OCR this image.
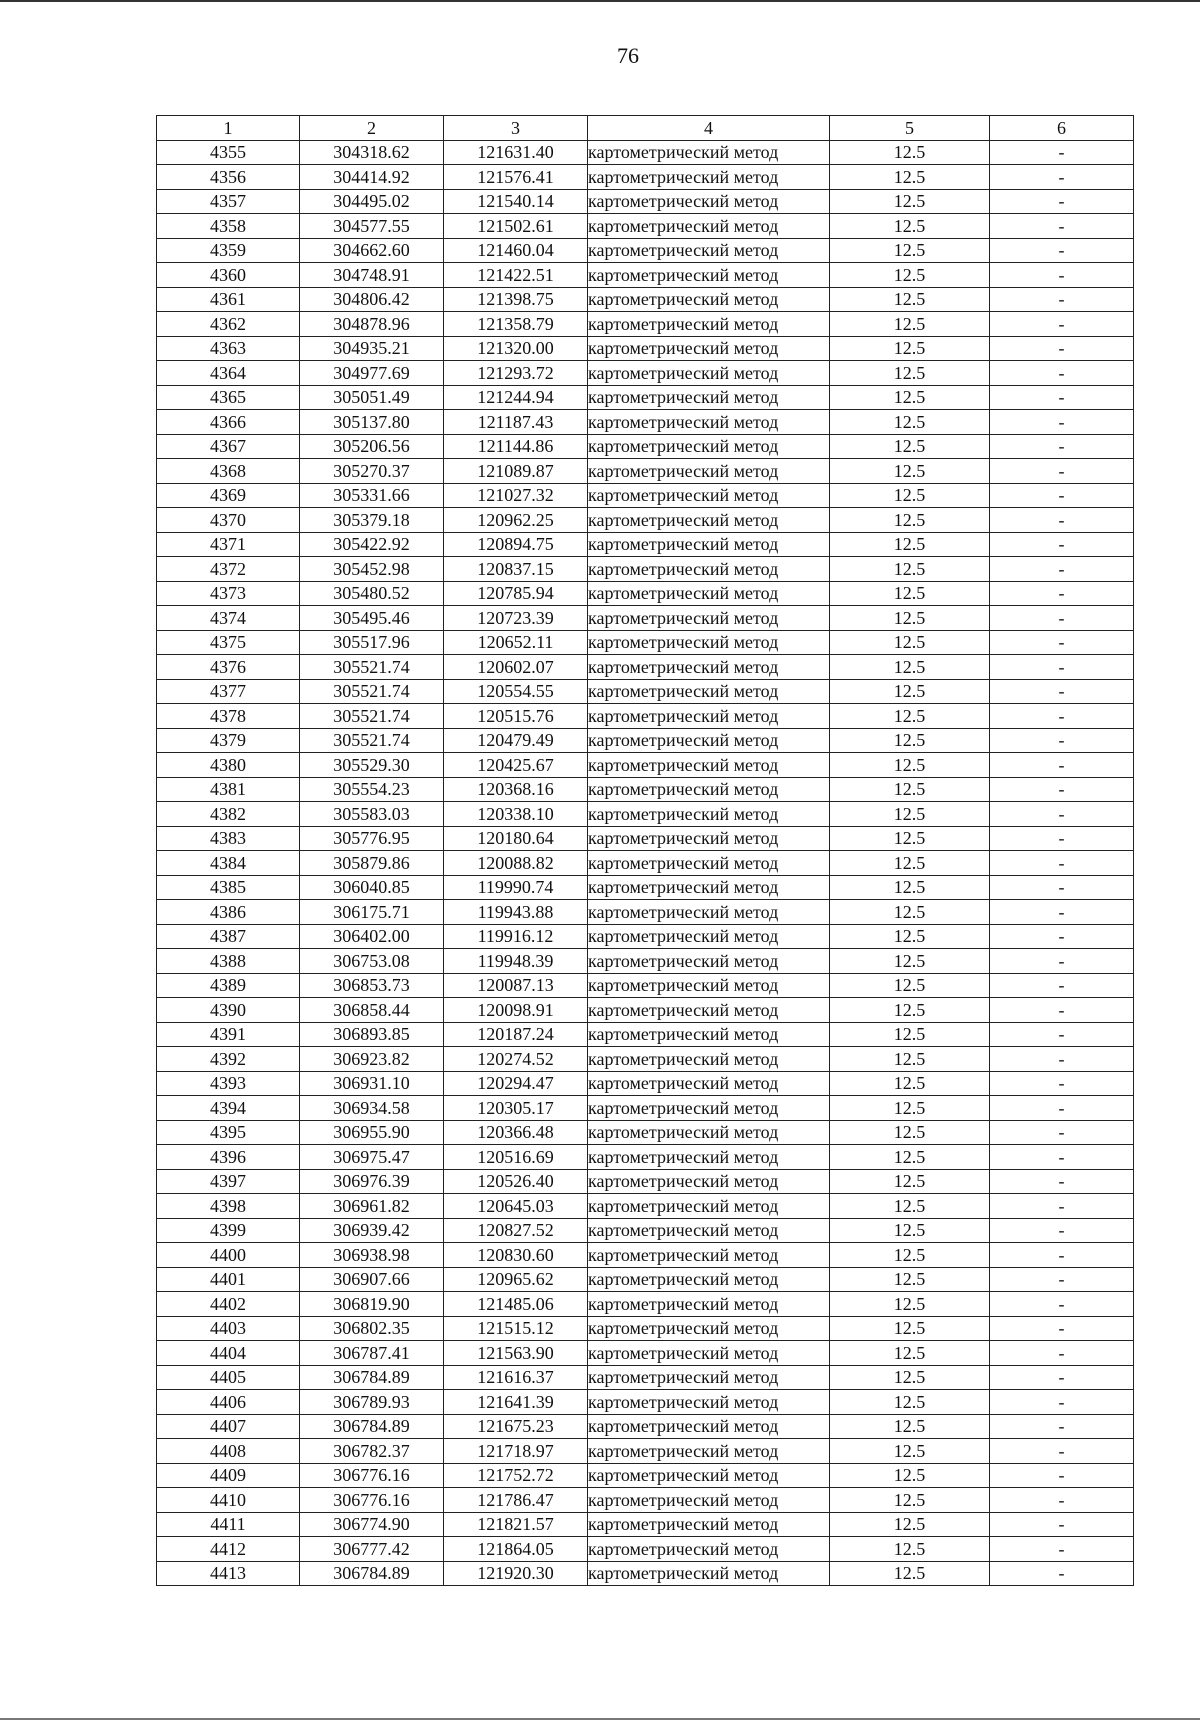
76
1	2	3	4	5	6
4355	304318.62	121631.40	картометрический метод	12.5	-
4356	304414.92	121576.41	картометрический метод	12.5	-
4357	304495.02	121540.14	картометрический метод	12.5	-
4358	304577.55	121502.61	картометрический метод	12.5	-
4359	304662.60	121460.04	картометрический метод	12.5	-
4360	304748.91	121422.51	картометрический метод	12.5	-
4361	304806.42	121398.75	картометрический метод	12.5	-
4362	304878.96	121358.79	картометрический метод	12.5	-
4363	304935.21	121320.00	картометрический метод	12.5	-
4364	304977.69	121293.72	картометрический метод	12.5	-
4365	305051.49	121244.94	картометрический метод	12.5	-
4366	305137.80	121187.43	картометрический метод	12.5	-
4367	305206.56	121144.86	картометрический метод	12.5	-
4368	305270.37	121089.87	картометрический метод	12.5	-
4369	305331.66	121027.32	картометрический метод	12.5	-
4370	305379.18	120962.25	картометрический метод	12.5	-
4371	305422.92	120894.75	картометрический метод	12.5	-
4372	305452.98	120837.15	картометрический метод	12.5	-
4373	305480.52	120785.94	картометрический метод	12.5	-
4374	305495.46	120723.39	картометрический метод	12.5	-
4375	305517.96	120652.11	картометрический метод	12.5	-
4376	305521.74	120602.07	картометрический метод	12.5	-
4377	305521.74	120554.55	картометрический метод	12.5	-
4378	305521.74	120515.76	картометрический метод	12.5	-
4379	305521.74	120479.49	картометрический метод	12.5	-
4380	305529.30	120425.67	картометрический метод	12.5	-
4381	305554.23	120368.16	картометрический метод	12.5	-
4382	305583.03	120338.10	картометрический метод	12.5	-
4383	305776.95	120180.64	картометрический метод	12.5	-
4384	305879.86	120088.82	картометрический метод	12.5	-
4385	306040.85	119990.74	картометрический метод	12.5	-
4386	306175.71	119943.88	картометрический метод	12.5	-
4387	306402.00	119916.12	картометрический метод	12.5	-
4388	306753.08	119948.39	картометрический метод	12.5	-
4389	306853.73	120087.13	картометрический метод	12.5	-
4390	306858.44	120098.91	картометрический метод	12.5	-
4391	306893.85	120187.24	картометрический метод	12.5	-
4392	306923.82	120274.52	картометрический метод	12.5	-
4393	306931.10	120294.47	картометрический метод	12.5	-
4394	306934.58	120305.17	картометрический метод	12.5	-
4395	306955.90	120366.48	картометрический метод	12.5	-
4396	306975.47	120516.69	картометрический метод	12.5	-
4397	306976.39	120526.40	картометрический метод	12.5	-
4398	306961.82	120645.03	картометрический метод	12.5	-
4399	306939.42	120827.52	картометрический метод	12.5	-
4400	306938.98	120830.60	картометрический метод	12.5	-
4401	306907.66	120965.62	картометрический метод	12.5	-
4402	306819.90	121485.06	картометрический метод	12.5	-
4403	306802.35	121515.12	картометрический метод	12.5	-
4404	306787.41	121563.90	картометрический метод	12.5	-
4405	306784.89	121616.37	картометрический метод	12.5	-
4406	306789.93	121641.39	картометрический метод	12.5	-
4407	306784.89	121675.23	картометрический метод	12.5	-
4408	306782.37	121718.97	картометрический метод	12.5	-
4409	306776.16	121752.72	картометрический метод	12.5	-
4410	306776.16	121786.47	картометрический метод	12.5	-
4411	306774.90	121821.57	картометрический метод	12.5	-
4412	306777.42	121864.05	картометрический метод	12.5	-
4413	306784.89	121920.30	картометрический метод	12.5	-
